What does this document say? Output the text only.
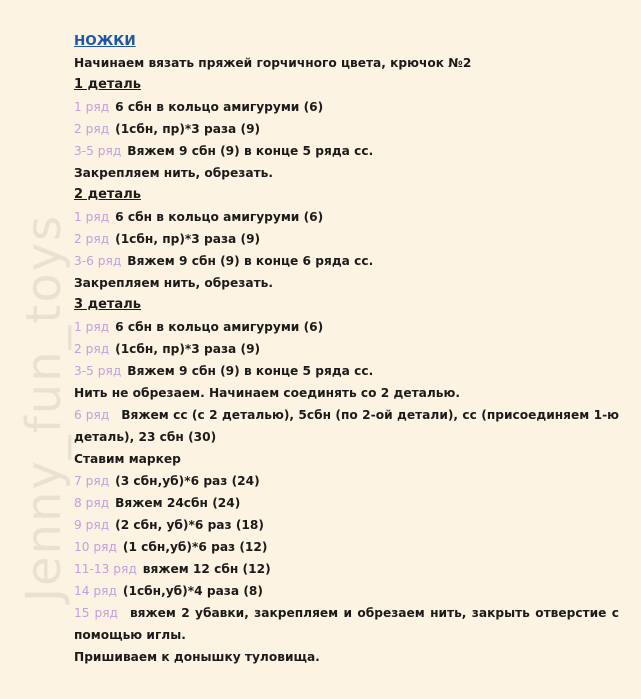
Jenny_fun_toys
НОЖКИ
Начинаем вязать пряжей горчичного цвета, крючок №2
1 деталь
1 ряд 6 сбн в кольцо амигуруми (6)
2 ряд (1сбн, пр)*3 раза (9)
3-5 ряд Вяжем 9 сбн (9) в конце 5 ряда сс.
Закрепляем нить, обрезать.
2 деталь
1 ряд 6 сбн в кольцо амигуруми (6)
2 ряд (1сбн, пр)*3 раза (9)
3-6 ряд Вяжем 9 сбн (9) в конце 6 ряда сс.
Закрепляем нить, обрезать.
3 деталь
1 ряд 6 сбн в кольцо амигуруми (6)
2 ряд (1сбн, пр)*3 раза (9)
3-5 ряд Вяжем 9 сбн (9) в конце 5 ряда сс.
Нить не обрезаем. Начинаем соединять со 2 деталью.
6 ряд Вяжем сс (с 2 деталью), 5сбн (по 2-ой детали), сс (присоединяем 1-ю деталь), 23 сбн (30)
Ставим маркер
7 ряд (3 сбн,уб)*6 раз (24)
8 ряд Вяжем 24сбн (24)
9 ряд (2 сбн, уб)*6 раз (18)
10 ряд (1 сбн,уб)*6 раз (12)
11-13 ряд вяжем 12 сбн (12)
14 ряд (1сбн,уб)*4 раза (8)
15 ряд вяжем 2 убавки, закрепляем и обрезаем нить, закрыть отверстие с помощью иглы.
Пришиваем к донышку туловища.
